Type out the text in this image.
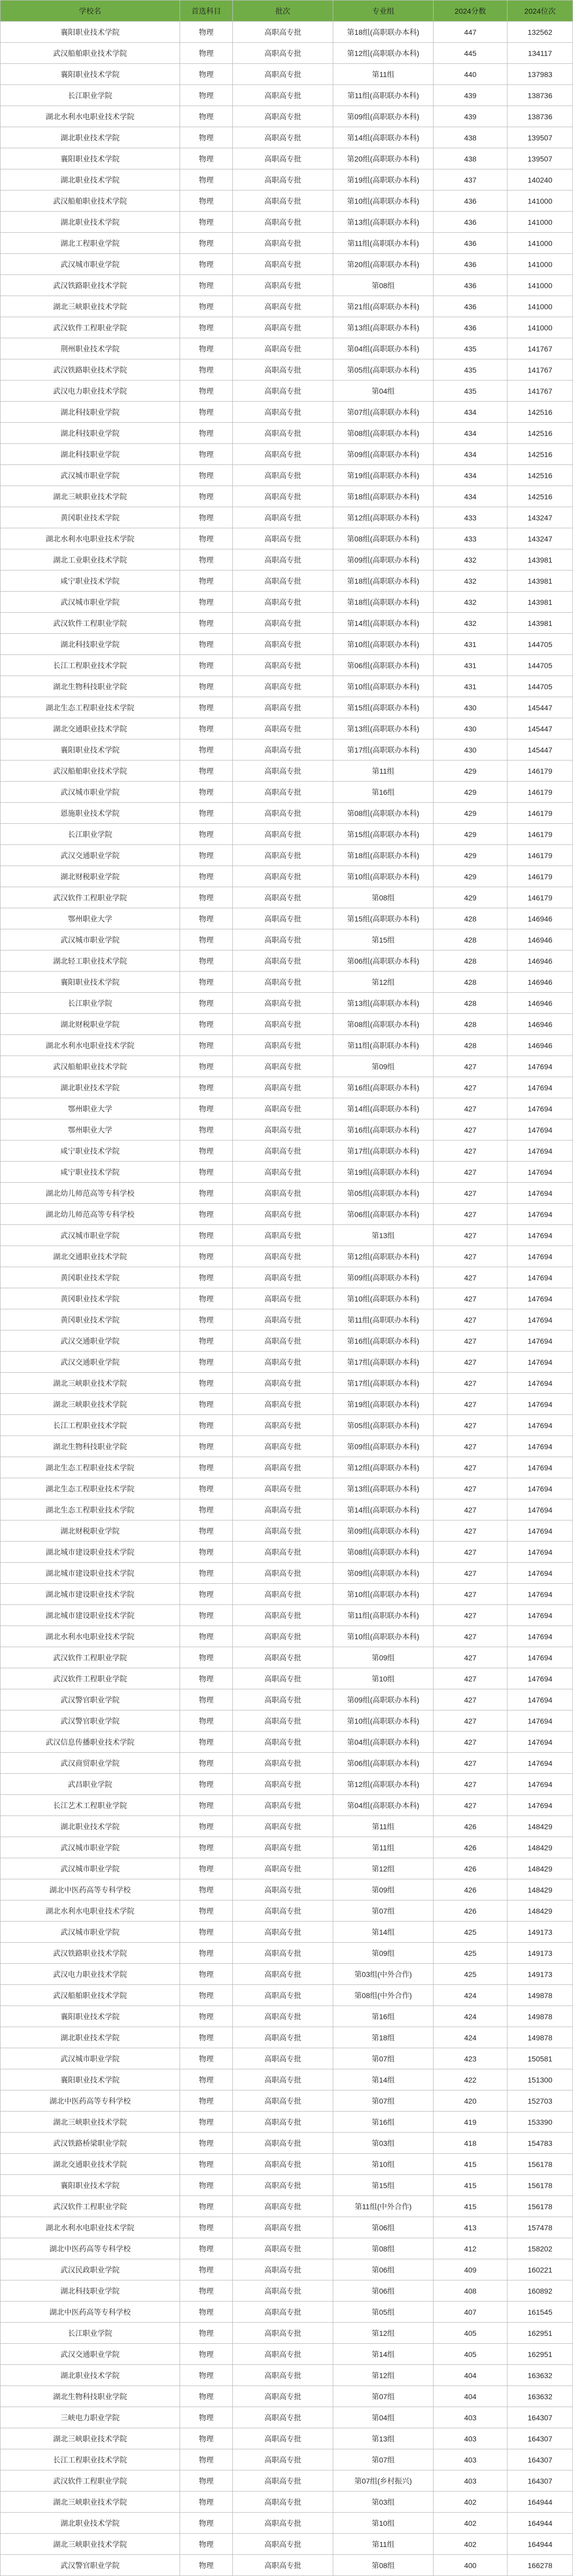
学校名	首选科目	批次	专业组	2024分数	2024位次
襄阳职业技术学院	物理	高职高专批	第18组(高职联办本科)	447	132562
武汉船舶职业技术学院	物理	高职高专批	第12组(高职联办本科)	445	134117
襄阳职业技术学院	物理	高职高专批	第11组	440	137983
长江职业学院	物理	高职高专批	第11组(高职联办本科)	439	138736
湖北水利水电职业技术学院	物理	高职高专批	第09组(高职联办本科)	439	138736
湖北职业技术学院	物理	高职高专批	第14组(高职联办本科)	438	139507
襄阳职业技术学院	物理	高职高专批	第20组(高职联办本科)	438	139507
湖北职业技术学院	物理	高职高专批	第19组(高职联办本科)	437	140240
武汉船舶职业技术学院	物理	高职高专批	第10组(高职联办本科)	436	141000
湖北职业技术学院	物理	高职高专批	第13组(高职联办本科)	436	141000
湖北工程职业学院	物理	高职高专批	第11组(高职联办本科)	436	141000
武汉城市职业学院	物理	高职高专批	第20组(高职联办本科)	436	141000
武汉铁路职业技术学院	物理	高职高专批	第08组	436	141000
湖北三峡职业技术学院	物理	高职高专批	第21组(高职联办本科)	436	141000
武汉软件工程职业学院	物理	高职高专批	第13组(高职联办本科)	436	141000
荆州职业技术学院	物理	高职高专批	第04组(高职联办本科)	435	141767
武汉铁路职业技术学院	物理	高职高专批	第05组(高职联办本科)	435	141767
武汉电力职业技术学院	物理	高职高专批	第04组	435	141767
湖北科技职业学院	物理	高职高专批	第07组(高职联办本科)	434	142516
湖北科技职业学院	物理	高职高专批	第08组(高职联办本科)	434	142516
湖北科技职业学院	物理	高职高专批	第09组(高职联办本科)	434	142516
武汉城市职业学院	物理	高职高专批	第19组(高职联办本科)	434	142516
湖北三峡职业技术学院	物理	高职高专批	第18组(高职联办本科)	434	142516
黄冈职业技术学院	物理	高职高专批	第12组(高职联办本科)	433	143247
湖北水利水电职业技术学院	物理	高职高专批	第08组(高职联办本科)	433	143247
湖北工业职业技术学院	物理	高职高专批	第09组(高职联办本科)	432	143981
咸宁职业技术学院	物理	高职高专批	第18组(高职联办本科)	432	143981
武汉城市职业学院	物理	高职高专批	第18组(高职联办本科)	432	143981
武汉软件工程职业学院	物理	高职高专批	第14组(高职联办本科)	432	143981
湖北科技职业学院	物理	高职高专批	第10组(高职联办本科)	431	144705
长江工程职业技术学院	物理	高职高专批	第06组(高职联办本科)	431	144705
湖北生物科技职业学院	物理	高职高专批	第10组(高职联办本科)	431	144705
湖北生态工程职业技术学院	物理	高职高专批	第15组(高职联办本科)	430	145447
湖北交通职业技术学院	物理	高职高专批	第13组(高职联办本科)	430	145447
襄阳职业技术学院	物理	高职高专批	第17组(高职联办本科)	430	145447
武汉船舶职业技术学院	物理	高职高专批	第11组	429	146179
武汉城市职业学院	物理	高职高专批	第16组	429	146179
恩施职业技术学院	物理	高职高专批	第08组(高职联办本科)	429	146179
长江职业学院	物理	高职高专批	第15组(高职联办本科)	429	146179
武汉交通职业学院	物理	高职高专批	第18组(高职联办本科)	429	146179
湖北财税职业学院	物理	高职高专批	第10组(高职联办本科)	429	146179
武汉软件工程职业学院	物理	高职高专批	第08组	429	146179
鄂州职业大学	物理	高职高专批	第15组(高职联办本科)	428	146946
武汉城市职业学院	物理	高职高专批	第15组	428	146946
湖北轻工职业技术学院	物理	高职高专批	第06组(高职联办本科)	428	146946
襄阳职业技术学院	物理	高职高专批	第12组	428	146946
长江职业学院	物理	高职高专批	第13组(高职联办本科)	428	146946
湖北财税职业学院	物理	高职高专批	第08组(高职联办本科)	428	146946
湖北水利水电职业技术学院	物理	高职高专批	第11组(高职联办本科)	428	146946
武汉船舶职业技术学院	物理	高职高专批	第09组	427	147694
湖北职业技术学院	物理	高职高专批	第16组(高职联办本科)	427	147694
鄂州职业大学	物理	高职高专批	第14组(高职联办本科)	427	147694
鄂州职业大学	物理	高职高专批	第16组(高职联办本科)	427	147694
咸宁职业技术学院	物理	高职高专批	第17组(高职联办本科)	427	147694
咸宁职业技术学院	物理	高职高专批	第19组(高职联办本科)	427	147694
湖北幼儿师范高等专科学校	物理	高职高专批	第05组(高职联办本科)	427	147694
湖北幼儿师范高等专科学校	物理	高职高专批	第06组(高职联办本科)	427	147694
武汉城市职业学院	物理	高职高专批	第13组	427	147694
湖北交通职业技术学院	物理	高职高专批	第12组(高职联办本科)	427	147694
黄冈职业技术学院	物理	高职高专批	第09组(高职联办本科)	427	147694
黄冈职业技术学院	物理	高职高专批	第10组(高职联办本科)	427	147694
黄冈职业技术学院	物理	高职高专批	第11组(高职联办本科)	427	147694
武汉交通职业学院	物理	高职高专批	第16组(高职联办本科)	427	147694
武汉交通职业学院	物理	高职高专批	第17组(高职联办本科)	427	147694
湖北三峡职业技术学院	物理	高职高专批	第17组(高职联办本科)	427	147694
湖北三峡职业技术学院	物理	高职高专批	第19组(高职联办本科)	427	147694
长江工程职业技术学院	物理	高职高专批	第05组(高职联办本科)	427	147694
湖北生物科技职业学院	物理	高职高专批	第09组(高职联办本科)	427	147694
湖北生态工程职业技术学院	物理	高职高专批	第12组(高职联办本科)	427	147694
湖北生态工程职业技术学院	物理	高职高专批	第13组(高职联办本科)	427	147694
湖北生态工程职业技术学院	物理	高职高专批	第14组(高职联办本科)	427	147694
湖北财税职业学院	物理	高职高专批	第09组(高职联办本科)	427	147694
湖北城市建设职业技术学院	物理	高职高专批	第08组(高职联办本科)	427	147694
湖北城市建设职业技术学院	物理	高职高专批	第09组(高职联办本科)	427	147694
湖北城市建设职业技术学院	物理	高职高专批	第10组(高职联办本科)	427	147694
湖北城市建设职业技术学院	物理	高职高专批	第11组(高职联办本科)	427	147694
湖北水利水电职业技术学院	物理	高职高专批	第10组(高职联办本科)	427	147694
武汉软件工程职业学院	物理	高职高专批	第09组	427	147694
武汉软件工程职业学院	物理	高职高专批	第10组	427	147694
武汉警官职业学院	物理	高职高专批	第09组(高职联办本科)	427	147694
武汉警官职业学院	物理	高职高专批	第10组(高职联办本科)	427	147694
武汉信息传播职业技术学院	物理	高职高专批	第04组(高职联办本科)	427	147694
武汉商贸职业学院	物理	高职高专批	第06组(高职联办本科)	427	147694
武昌职业学院	物理	高职高专批	第12组(高职联办本科)	427	147694
长江艺术工程职业学院	物理	高职高专批	第04组(高职联办本科)	427	147694
湖北职业技术学院	物理	高职高专批	第11组	426	148429
武汉城市职业学院	物理	高职高专批	第11组	426	148429
武汉城市职业学院	物理	高职高专批	第12组	426	148429
湖北中医药高等专科学校	物理	高职高专批	第09组	426	148429
湖北水利水电职业技术学院	物理	高职高专批	第07组	426	148429
武汉城市职业学院	物理	高职高专批	第14组	425	149173
武汉铁路职业技术学院	物理	高职高专批	第09组	425	149173
武汉电力职业技术学院	物理	高职高专批	第03组(中外合作)	425	149173
武汉船舶职业技术学院	物理	高职高专批	第08组(中外合作)	424	149878
襄阳职业技术学院	物理	高职高专批	第16组	424	149878
湖北职业技术学院	物理	高职高专批	第18组	424	149878
武汉城市职业学院	物理	高职高专批	第07组	423	150581
襄阳职业技术学院	物理	高职高专批	第14组	422	151300
湖北中医药高等专科学校	物理	高职高专批	第07组	420	152703
湖北三峡职业技术学院	物理	高职高专批	第16组	419	153390
武汉铁路桥梁职业学院	物理	高职高专批	第03组	418	154783
湖北交通职业技术学院	物理	高职高专批	第10组	415	156178
襄阳职业技术学院	物理	高职高专批	第15组	415	156178
武汉软件工程职业学院	物理	高职高专批	第11组(中外合作)	415	156178
湖北水利水电职业技术学院	物理	高职高专批	第06组	413	157478
湖北中医药高等专科学校	物理	高职高专批	第08组	412	158202
武汉民政职业学院	物理	高职高专批	第06组	409	160221
湖北科技职业学院	物理	高职高专批	第06组	408	160892
湖北中医药高等专科学校	物理	高职高专批	第05组	407	161545
长江职业学院	物理	高职高专批	第12组	405	162951
武汉交通职业学院	物理	高职高专批	第14组	405	162951
湖北职业技术学院	物理	高职高专批	第12组	404	163632
湖北生物科技职业学院	物理	高职高专批	第07组	404	163632
三峡电力职业学院	物理	高职高专批	第04组	403	164307
湖北三峡职业技术学院	物理	高职高专批	第13组	403	164307
长江工程职业技术学院	物理	高职高专批	第07组	403	164307
武汉软件工程职业学院	物理	高职高专批	第07组(乡村振兴)	403	164307
湖北三峡职业技术学院	物理	高职高专批	第03组	402	164944
湖北职业技术学院	物理	高职高专批	第10组	402	164944
湖北三峡职业技术学院	物理	高职高专批	第11组	402	164944
武汉警官职业学院	物理	高职高专批	第08组	400	166278
